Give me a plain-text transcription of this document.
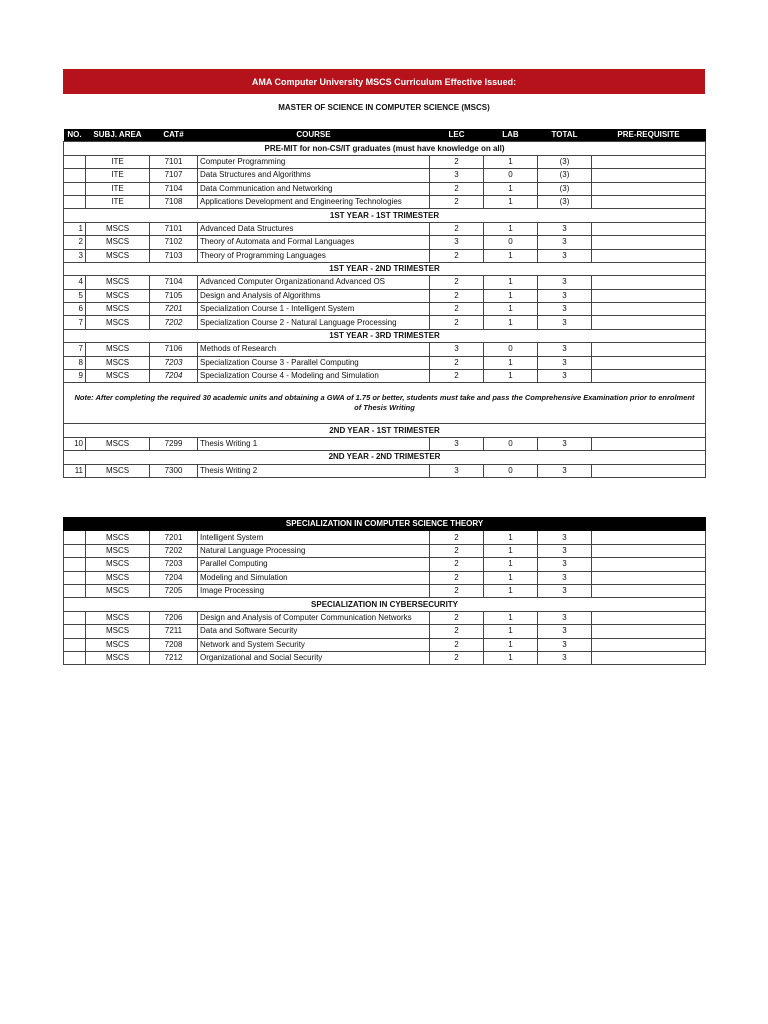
AMA Computer University MSCS Curriculum Effective Issued:
MASTER OF SCIENCE IN COMPUTER SCIENCE (MSCS)
NO.	SUBJ. AREA	CAT#	COURSE	LEC	LAB	TOTAL	PRE-REQUISITE
PRE-MIT for non-CS/IT graduates (must have knowledge on all)							
	ITE	7101	Computer Programming	2	1	(3)	
	ITE	7107	Data Structures and Algorithms	3	0	(3)	
	ITE	7104	Data Communication and Networking	2	1	(3)	
	ITE	7108	Applications Development and Engineering Technologies	2	1	(3)	
1ST YEAR - 1ST TRIMESTER							
1	MSCS	7101	Advanced Data Structures	2	1	3	
2	MSCS	7102	Theory of Automata and Formal Languages	3	0	3	
3	MSCS	7103	Theory of Programming Languages	2	1	3	
1ST YEAR - 2ND TRIMESTER							
4	MSCS	7104	Advanced Computer Organizationand Advanced OS	2	1	3	
5	MSCS	7105	Design and Analysis of Algorithms	2	1	3	
6	MSCS	7201	Specialization Course 1 - Intelligent System	2	1	3	
7	MSCS	7202	Specialization Course 2 - Natural Language Processing	2	1	3	
1ST YEAR - 3RD TRIMESTER							
7	MSCS	7106	Methods of Research	3	0	3	
8	MSCS	7203	Specialization Course 3 - Parallel Computing	2	1	3	
9	MSCS	7204	Specialization Course 4 - Modeling and Simulation	2	1	3	
Note: After completing the required 30 academic units and obtaining a GWA of 1.75 or better, students must take and pass the Comprehensive Examination prior to enrolment of Thesis Writing							
2ND YEAR - 1ST TRIMESTER							
10	MSCS	7299	Thesis Writing 1	3	0	3	
2ND YEAR - 2ND TRIMESTER							
11	MSCS	7300	Thesis Writing 2	3	0	3	
SPECIALIZATION IN COMPUTER SCIENCE THEORY							
	MSCS	7201	Intelligent System	2	1	3	
	MSCS	7202	Natural Language Processing	2	1	3	
	MSCS	7203	Parallel Computing	2	1	3	
	MSCS	7204	Modeling and Simulation	2	1	3	
	MSCS	7205	Image Processing	2	1	3	
SPECIALIZATION IN CYBERSECURITY							
	MSCS	7206	Design and Analysis of Computer Communication Networks	2	1	3	
	MSCS	7211	Data and Software Security	2	1	3	
	MSCS	7208	Network and System Security	2	1	3	
	MSCS	7212	Organizational and Social Security	2	1	3	
